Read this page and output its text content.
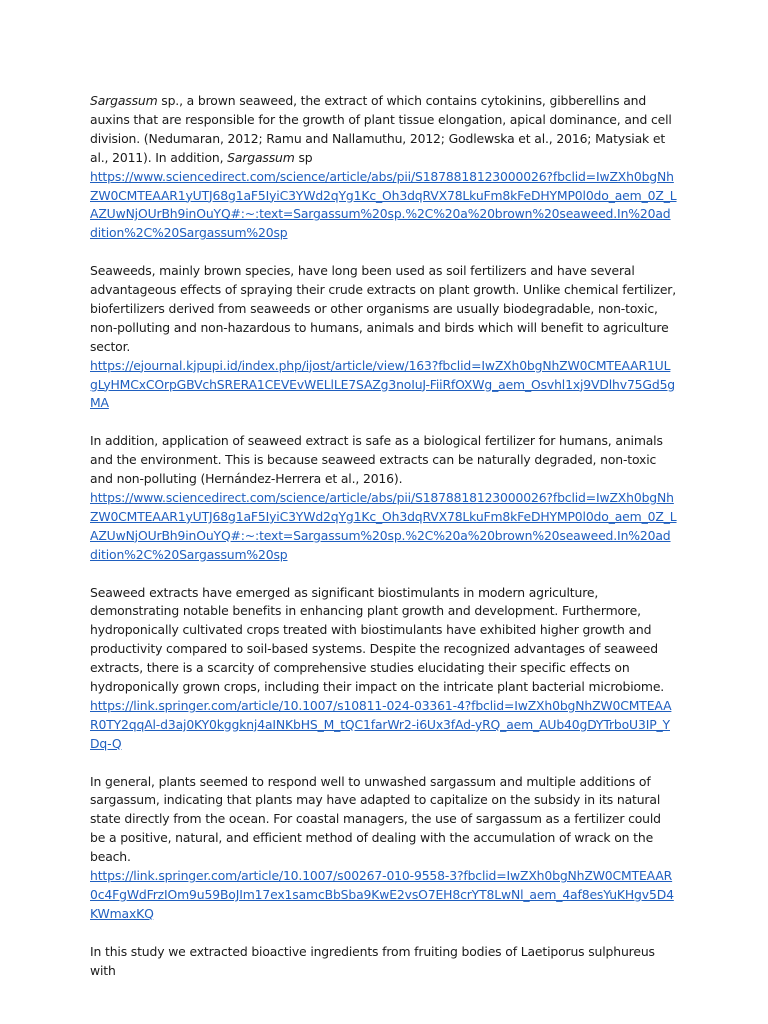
Sargassum sp., a brown seaweed, the extract of which contains cytokinins, gibberellins and auxins that are responsible for the growth of plant tissue elongation, apical dominance, and cell division. (Nedumaran, 2012; Ramu and Nallamuthu, 2012; Godlewska et al., 2016; Matysiak et al., 2011). In addition, Sargassum sp
https://www.sciencedirect.com/science/article/abs/pii/S1878818123000026?fbclid=IwZXh0bgNhZW0CMTEAAR1yUTJ68g1aF5IyiC3YWd2qYg1Kc_Oh3dqRVX78LkuFm8kFeDHYMP0l0do_aem_0Z_LAZUwNjOUrBh9inOuYQ#:~:text=Sargassum%20sp.%2C%20a%20brown%20seaweed.In%20addition%2C%20Sargassum%20sp

Seaweeds, mainly brown species, have long been used as soil fertilizers and have several advantageous effects of spraying their crude extracts on plant growth. Unlike chemical fertilizer, biofertilizers derived from seaweeds or other organisms are usually biodegradable, non-toxic, non-polluting and non-hazardous to humans, animals and birds which will benefit to agriculture sector.
https://ejournal.kjpupi.id/index.php/ijost/article/view/163?fbclid=IwZXh0bgNhZW0CMTEAAR1ULgLyHMCxCOrpGBVchSRERA1CEVEvWELlLE7SAZg3noIuJ-FiiRfOXWg_aem_Osvhl1xj9VDlhv75Gd5gMA

In addition, application of seaweed extract is safe as a biological fertilizer for humans, animals and the environment. This is because seaweed extracts can be naturally degraded, non-toxic and non-polluting (Hernández-Herrera et al., 2016).
https://www.sciencedirect.com/science/article/abs/pii/S1878818123000026?fbclid=IwZXh0bgNhZW0CMTEAAR1yUTJ68g1aF5IyiC3YWd2qYg1Kc_Oh3dqRVX78LkuFm8kFeDHYMP0l0do_aem_0Z_LAZUwNjOUrBh9inOuYQ#:~:text=Sargassum%20sp.%2C%20a%20brown%20seaweed.In%20addition%2C%20Sargassum%20sp

Seaweed extracts have emerged as significant biostimulants in modern agriculture, demonstrating notable benefits in enhancing plant growth and development. Furthermore, hydroponically cultivated crops treated with biostimulants have exhibited higher growth and productivity compared to soil-based systems. Despite the recognized advantages of seaweed extracts, there is a scarcity of comprehensive studies elucidating their specific effects on hydroponically grown crops, including their impact on the intricate plant bacterial microbiome.
https://link.springer.com/article/10.1007/s10811-024-03361-4?fbclid=IwZXh0bgNhZW0CMTEAAR0TY2qqAl-d3aj0KY0kggknj4aINKbHS_M_tQC1farWr2-i6Ux3fAd-yRQ_aem_AUb40gDYTrboU3IP_YDq-Q

In general, plants seemed to respond well to unwashed sargassum and multiple additions of sargassum, indicating that plants may have adapted to capitalize on the subsidy in its natural state directly from the ocean. For coastal managers, the use of sargassum as a fertilizer could be a positive, natural, and efficient method of dealing with the accumulation of wrack on the beach.
https://link.springer.com/article/10.1007/s00267-010-9558-3?fbclid=IwZXh0bgNhZW0CMTEAAR0c4FgWdFrzIOm9u59BoJIm17ex1samcBbSba9KwE2vsO7EH8crYT8LwNl_aem_4af8esYuKHgv5D4KWmaxKQ

In this study we extracted bioactive ingredients from fruiting bodies of Laetiporus sulphureus with
